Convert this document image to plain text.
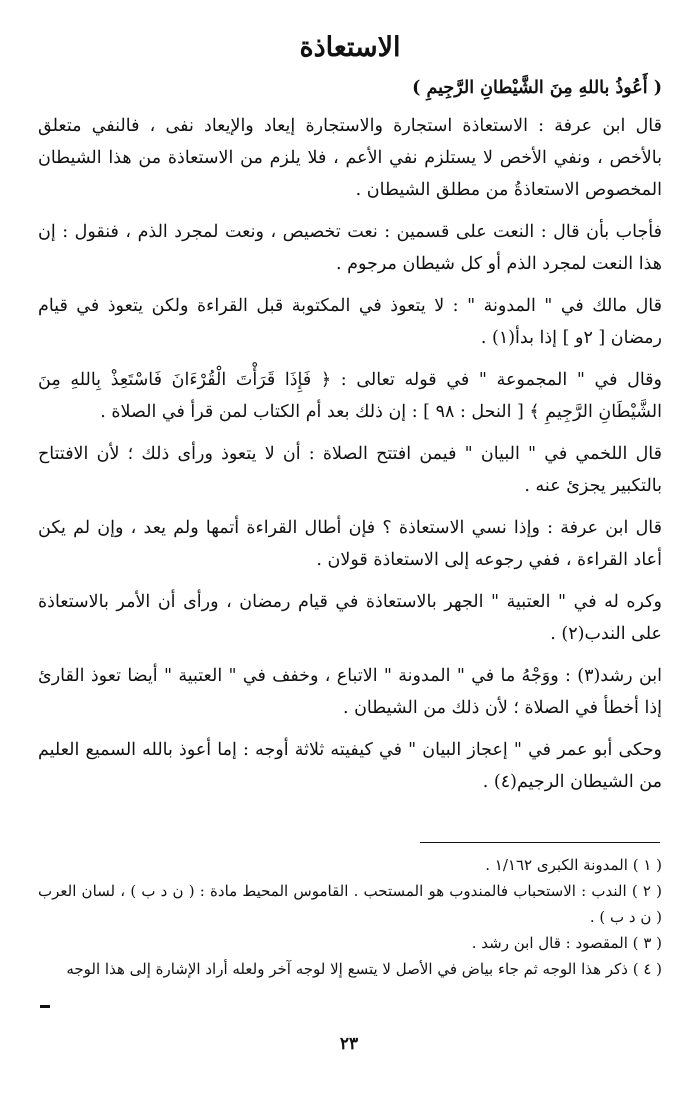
الاستعاذة

( أَعُوذُ باللهِ مِنَ الشَّيْطانِ الرَّجِيمِ )

قال ابن عرفة : الاستعاذة استجارة والاستجارة إيعاد والإيعاد نفى ، فالنفي متعلق بالأخص ، ونفي الأخص لا يستلزم نفي الأعم ، فلا يلزم من الاستعاذة من هذا الشيطان المخصوص الاستعاذةُ من مطلق الشيطان .

فأجاب بأن قال : النعت على قسمين : نعت تخصيص ، ونعت لمجرد الذم ، فنقول : إن هذا النعت لمجرد الذم أو كل شيطان مرجوم .

قال مالك في " المدونة " : لا يتعوذ في المكتوبة قبل القراءة ولكن يتعوذ في قيام رمضان [ ٢و ] إذا بدأ(١) .

وقال في " المجموعة " في قوله تعالى : ﴿ فَإِذَا قَرَأْتَ الْقُرْءَانَ فَاسْتَعِذْ بِاللهِ مِنَ الشَّيْطَانِ الرَّجِيمِ ﴾ [ النحل : ٩٨ ] : إن ذلك بعد أم الكتاب لمن قرأ في الصلاة .

قال اللخمي في " البيان " فيمن افتتح الصلاة : أن لا يتعوذ ورأى ذلك ؛ لأن الافتتاح بالتكبير يجزئ عنه .

قال ابن عرفة : وإذا نسي الاستعاذة ؟ فإن أطال القراءة أتمها ولم يعد ، وإن لم يكن أعاد القراءة ، ففي رجوعه إلى الاستعاذة قولان .

وكره له في " العتبية " الجهر بالاستعاذة في قيام رمضان ، ورأى أن الأمر بالاستعاذة على الندب(٢) .

ابن رشد(٣) : ووَجْهُ ما في " المدونة " الاتباع ، وخفف في " العتبية " أيضا تعوذ القارئ إذا أخطأ في الصلاة ؛ لأن ذلك من الشيطان .

وحكى أبو عمر في " إعجاز البيان " في كيفيته ثلاثة أوجه : إما أعوذ بالله السميع العليم من الشيطان الرجيم(٤) .

( ١ ) المدونة الكبرى ١/١٦٢ .

( ٢ ) الندب : الاستحباب فالمندوب هو المستحب . القاموس المحيط مادة : ( ن د ب ) ، لسان العرب ( ن د ب ) .

( ٣ ) المقصود : قال ابن رشد .

( ٤ ) ذكر هذا الوجه ثم جاء بياض في الأصل لا يتسع إلا لوجه آخر ولعله أراد الإشارة إلى هذا الوجه

٢٣
